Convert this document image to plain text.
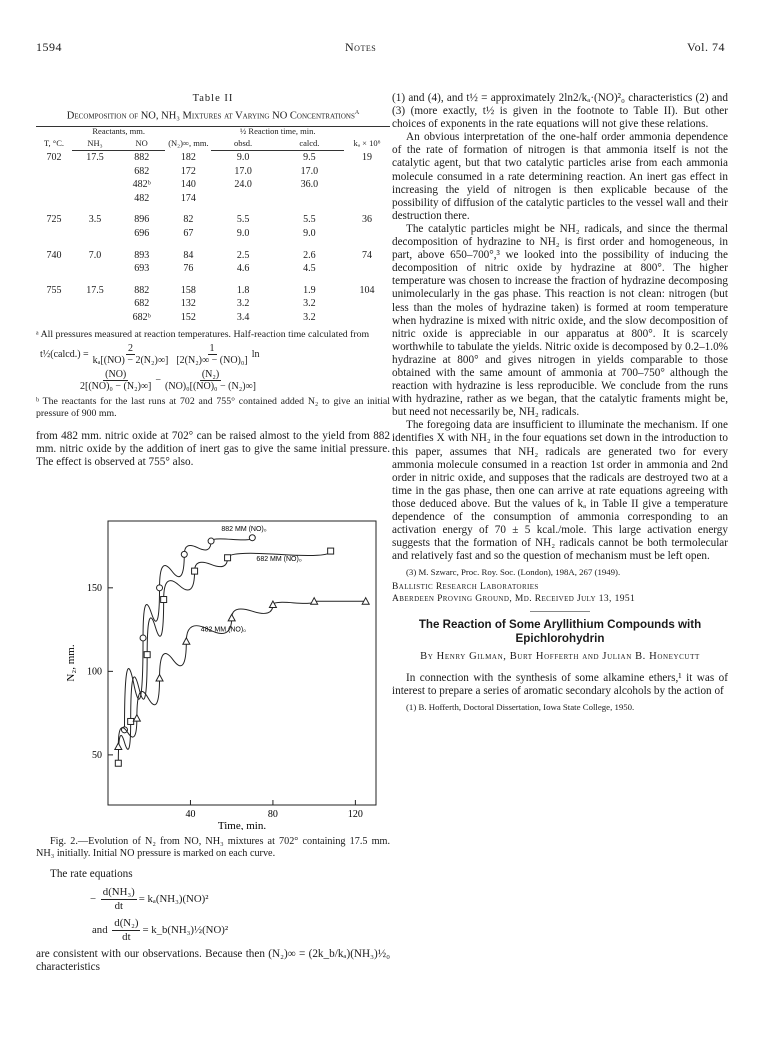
1594	Notes	Vol. 74
Table II
Decomposition of NO, NH₃ Mixtures at Varying NO Concentrations$^a$
T, °C.	Reactants, mm.		(N₂)∞, mm.	½ Reaction time, min.		kₐ × 10⁶
	NH₃	NO		obsd.	calcd.	
702	17.5	882	182	9.0	9.5	19
		682	172	17.0	17.0	
		482ᵇ	140	24.0	36.0	
		482	174			
725	3.5	896	82	5.5	5.5	36
		696	67	9.0	9.0	
740	7.0	893	84	2.5	2.6	74
		693	76	4.6	4.5	
755	17.5	882	158	1.8	1.9	104
		682	132	3.2	3.2	
		682ᵇ	152	3.4	3.2	
ᵃ All pressures measured at reaction temperatures. Half-reaction time calculated from
t½(calcd.) = $\frac{2}{\text{kₐ[(NO) − 2(N₂)∞]}} \frac{1}{\text{[2(N₂)∞ − (NO)₀]}}$ ln
$\frac{(NO)}{\text{2[(NO)₀ − (N₂)∞]}} - \frac{\text{(N₂)}}{\text{(NO)₀[(NO)₀ − (N₂)∞]}}$
ᵇ The reactants for the last runs at 702 and 755° contained added N₂ to give an initial pressure of 900 mm.

from 482 mm. nitric oxide at 702° can be raised almost to the yield from 882 mm. nitric oxide by the addition of inert gas to give the same initial pressure. The effect is observed at 755° also.

40	80	120
50
100
150
Time, min.
N₂, mm.
882 MM (NO)₀
682 MM (NO)₀
482 MM (NO)₀

Fig. 2.—Evolution of N₂ from NO, NH₃ mixtures at 702° containing 17.5 mm. NH₃ initially. Initial NO pressure is marked on each curve.

The rate equations

− $\frac{\text{d(NH₃)}}{dt} = k_a(NH_3)(NO)^2$
and
$\frac{\text{d(N₂)}}{dt}$ = k_b(NH₃)½(NO)²

are consistent with our observations. Because then (N₂)∞ = (2k_b/kₐ)(NH₃)½₀ characteristics

(1) and (4), and t½ = approximately 2ln2/kₐ·(NO)²₀ characteristics (2) and (3) (more exactly, t½ is given in the footnote to Table II). But other choices of exponents in the rate equations will not give these relations.

An obvious interpretation of the one-half order ammonia dependence of the rate of formation of nitrogen is that ammonia itself is not the catalytic agent, but that two catalytic particles arise from each ammonia molecule consumed in a rate determining reaction. An inert gas effect in increasing the yield of nitrogen is then explicable because of the possibility of diffusion of the catalytic particles to the vessel wall and their destruction there.

The catalytic particles might be NH₂ radicals, and since the thermal decomposition of hydrazine to NH₂ is first order and homogeneous, in part, above 650–700°,³ we looked into the possibility of inducing the decomposition of nitric oxide by hydrazine at 800°. The higher temperature was chosen to increase the fraction of hydrazine decomposing unimolecularly in the gas phase. This reaction is not clean: nitrogen (but less than the moles of hydrazine taken) is formed at room temperature when hydrazine is mixed with nitric oxide, and the slow decomposition of nitric oxide is appreciable in our apparatus at 800°. It is scarcely worthwhile to tabulate the yields. Nitric oxide is decomposed by 0.2–1.0% hydrazine at 800° and gives nitrogen in yields comparable to those obtained with the same amount of ammonia at 700–750° although the reaction with hydrazine is less reproducible. We conclude from the runs with hydrazine, rather as we began, that the catalytic framents might be, but need not necessarily be, NH₂ radicals.

The foregoing data are insufficient to illuminate the mechanism. If one identifies X with NH₂ in the four equations set down in the introduction to this paper, assumes that NH₂ radicals are generated two for every ammonia molecule consumed in a reaction 1st order in ammonia and 2nd order in nitric oxide, and supposes that the radicals are destroyed two at a time in the gas phase, then one can arrive at rate equations agreeing with those deduced above. But the values of kₐ in Table II give a temperature dependence of the consumption of ammonia corresponding to an activation energy of 70 ± 5 kcal./mole. This large activation energy suggests that the formation of NH₂ radicals cannot be both termolecular and relatively fast and so the question of mechanism must be left open.

(3) M. Szwarc, Proc. Roy. Soc. (London), 198A, 267 (1949).

Ballistic Research Laboratories

Aberdeen Proving Ground, Md. Received July 13, 1951

The Reaction of Some Aryllithium Compounds with Epichlorohydrin
By Henry Gilman, Burt Hofferth and Julian B. Honeycutt

In connection with the synthesis of some alkamine ethers,¹ it was of interest to prepare a series of aromatic secondary alcohols by the action of

(1) B. Hofferth, Doctoral Dissertation, Iowa State College, 1950.
